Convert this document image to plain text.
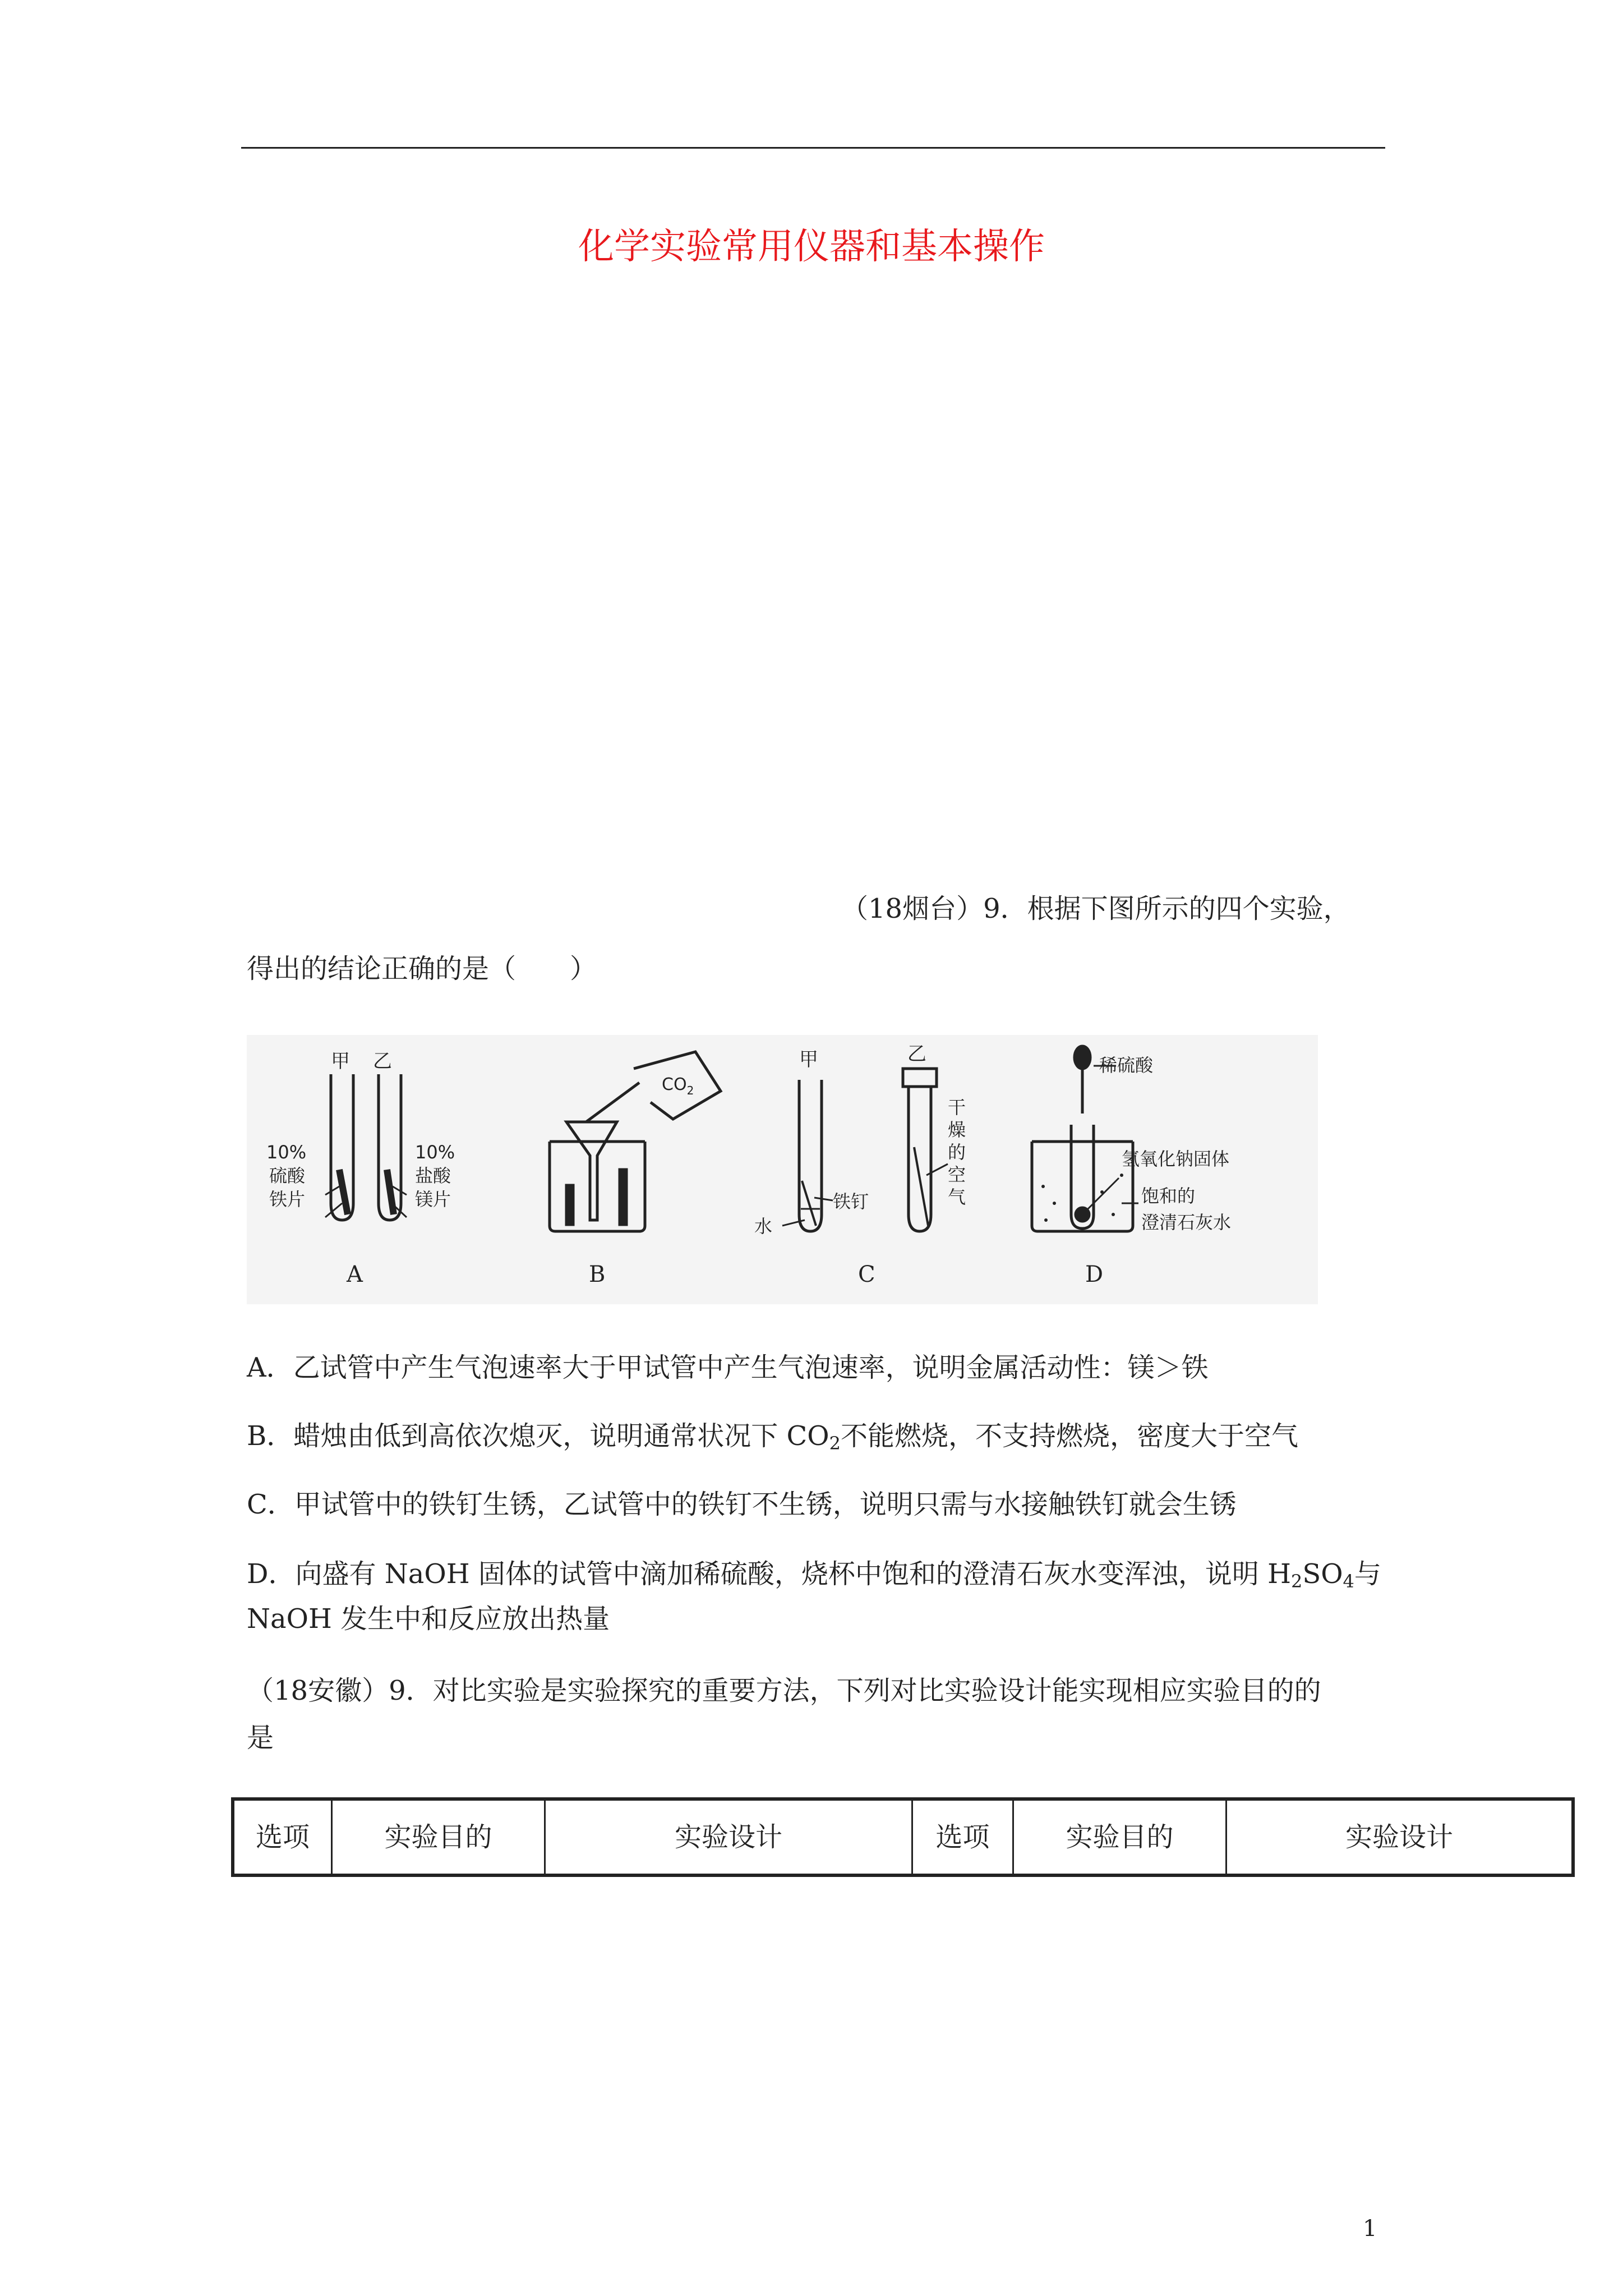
化学实验常用仪器和基本操作
（18烟台）9．根据下图所示的四个实验，
得出的结论正确的是（　　）
甲 乙
10%
硫酸
铁片
10%
盐酸
镁片
A
$CO_2$
B
甲	乙
铁钉
水
干
燥
的
空
气
C
稀硫酸
氢氧化钠固体
饱和的
澄清石灰水
D
A．乙试管中产生气泡速率大于甲试管中产生气泡速率，说明金属活动性：镁＞铁
B．蜡烛由低到高依次熄灭，说明通常状况下 $CO_2$不能燃烧，不支持燃烧，密度大于空气
C．甲试管中的铁钉生锈，乙试管中的铁钉不生锈，说明只需与水接触铁钉就会生锈
D．向盛有 NaOH 固体的试管中滴加稀硫酸，烧杯中饱和的澄清石灰水变浑浊，说明 $H_2SO_4$与
NaOH 发生中和反应放出热量
（18安徽）9．对比实验是实验探究的重要方法，下列对比实验设计能实现相应实验目的的
是
选项	实验目的	实验设计	选项	实验目的	实验设计
1
